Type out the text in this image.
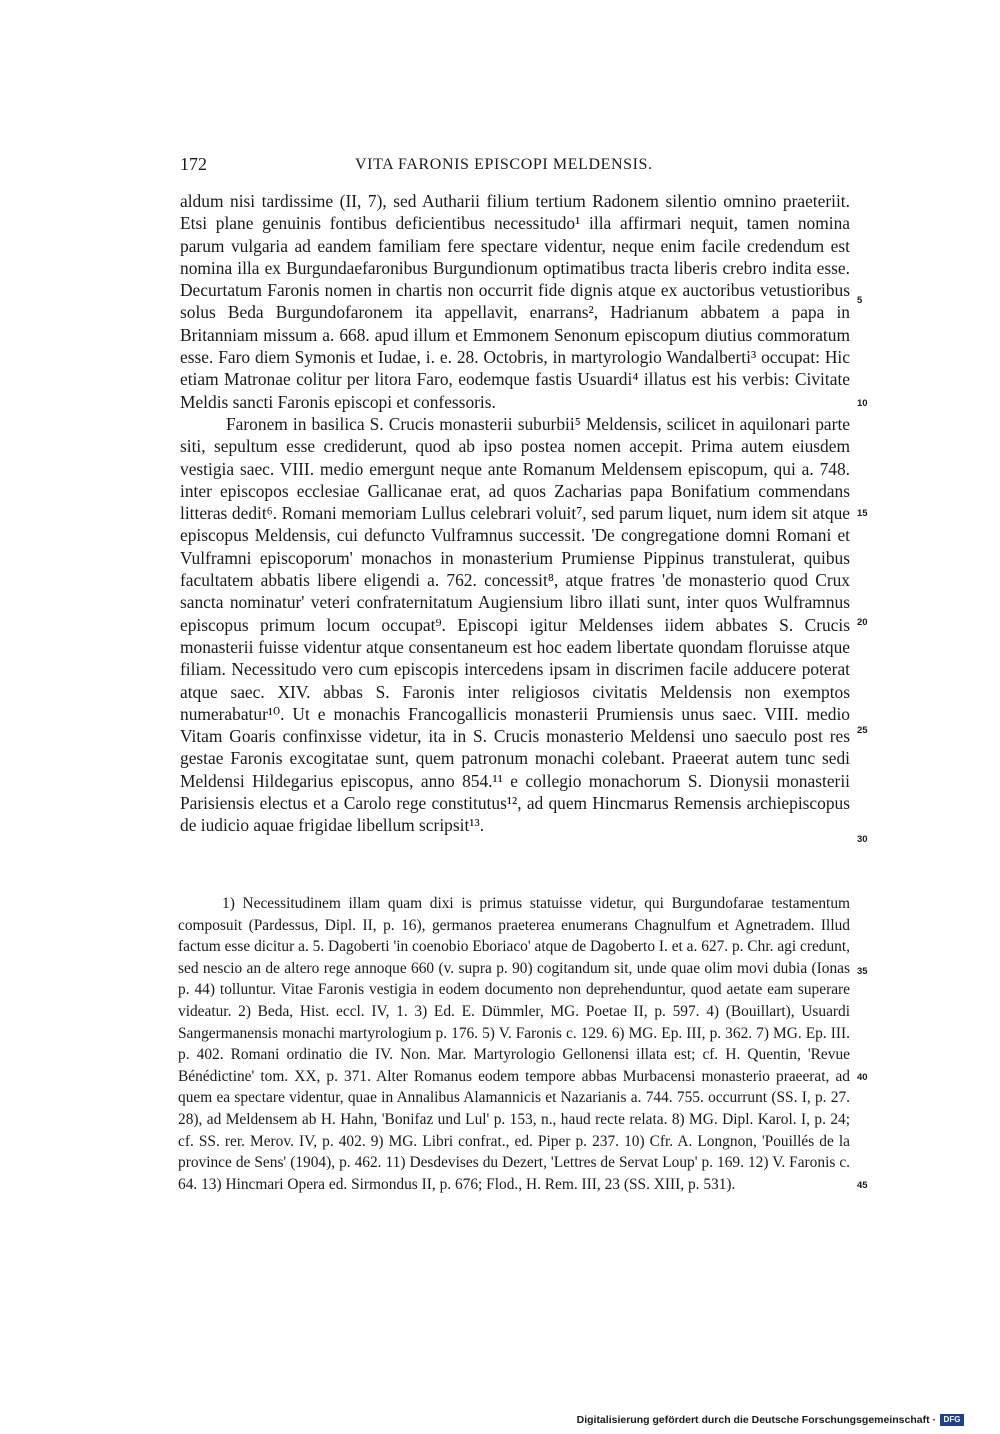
172	VITA FARONIS EPISCOPI MELDENSIS.

aldum nisi tardissime (II, 7), sed Autharii filium tertium Radonem silentio omnino praeteriit. Etsi plane genuinis fontibus deficientibus necessitudo¹ illa affirmari nequit, tamen nomina parum vulgaria ad eandem familiam fere spectare videntur, neque enim facile credendum est nomina illa ex Burgundaefaronibus Burgundionum optimatibus tracta liberis crebro indita esse. Decurtatum Faronis nomen in chartis non occurrit fide dignis atque ex auctoribus vetustioribus solus Beda Burgundofaronem ita appellavit, enarrans², Hadrianum abbatem a papa in Britanniam missum a. 668. apud illum et Emmonem Senonum episcopum diutius commoratum esse. Faro diem Symonis et Iudae, i. e. 28. Octobris, in martyrologio Wandalberti³ occupat: Hic etiam Matronae colitur per litora Faro, eodemque fastis Usuardi⁴ illatus est his verbis: Civitate Meldis sancti Faronis episcopi et confessoris.

Faronem in basilica S. Crucis monasterii suburbii⁵ Meldensis, scilicet in aquilonari parte siti, sepultum esse crediderunt, quod ab ipso postea nomen accepit. Prima autem eiusdem vestigia saec. VIII. medio emergunt neque ante Romanum Meldensem episcopum, qui a. 748. inter episcopos ecclesiae Gallicanae erat, ad quos Zacharias papa Bonifatium commendans litteras dedit⁶. Romani memoriam Lullus celebrari voluit⁷, sed parum liquet, num idem sit atque episcopus Meldensis, cui defuncto Vulframnus successit. 'De congregatione domni Romani et Vulframni episcoporum' monachos in monasterium Prumiense Pippinus transtulerat, quibus facultatem abbatis libere eligendi a. 762. concessit⁸, atque fratres 'de monasterio quod Crux sancta nominatur' veteri confraternitatum Augiensium libro illati sunt, inter quos Wulframnus episcopus primum locum occupat⁹. Episcopi igitur Meldenses iidem abbates S. Crucis monasterii fuisse videntur atque consentaneum est hoc eadem libertate quondam floruisse atque filiam. Necessitudo vero cum episcopis intercedens ipsam in discrimen facile adducere poterat atque saec. XIV. abbas S. Faronis inter religiosos civitatis Meldensis non exemptos numerabatur¹⁰. Ut e monachis Francogallicis monasterii Prumiensis unus saec. VIII. medio Vitam Goaris confinxisse videtur, ita in S. Crucis monasterio Meldensi uno saeculo post res gestae Faronis excogitatae sunt, quem patronum monachi colebant. Praeerat autem tunc sedi Meldensi Hildegarius episcopus, anno 854.¹¹ e collegio monachorum S. Dionysii monasterii Parisiensis electus et a Carolo rege constitutus¹², ad quem Hincmarus Remensis archiepiscopus de iudicio aquae frigidae libellum scripsit¹³.

5
10
15
20
25
30

1) Necessitudinem illam quam dixi is primus statuisse videtur, qui Burgundofarae testamentum composuit (Pardessus, Dipl. II, p. 16), germanos praeterea enumerans Chagnulfum et Agnetradem. Illud factum esse dicitur a. 5. Dagoberti 'in coenobio Eboriaco' atque de Dagoberto I. et a. 627. p. Chr. agi credunt, sed nescio an de altero rege annoque 660 (v. supra p. 90) cogitandum sit, unde quae olim movi dubia (Ionas p. 44) tolluntur. Vitae Faronis vestigia in eodem documento non deprehenduntur, quod aetate eam superare videatur. 2) Beda, Hist. eccl. IV, 1. 3) Ed. E. Dümmler, MG. Poetae II, p. 597. 4) (Bouillart), Usuardi Sangermanensis monachi martyrologium p. 176. 5) V. Faronis c. 129. 6) MG. Ep. III, p. 362. 7) MG. Ep. III. p. 402. Romani ordinatio die IV. Non. Mar. Martyrologio Gellonensi illata est; cf. H. Quentin, 'Revue Bénédictine' tom. XX, p. 371. Alter Romanus eodem tempore abbas Murbacensi monasterio praeerat, ad quem ea spectare videntur, quae in Annalibus Alamannicis et Nazarianis a. 744. 755. occurrunt (SS. I, p. 27. 28), ad Meldensem ab H. Hahn, 'Bonifaz und Lul' p. 153, n., haud recte relata. 8) MG. Dipl. Karol. I, p. 24; cf. SS. rer. Merov. IV, p. 402. 9) MG. Libri confrat., ed. Piper p. 237. 10) Cfr. A. Longnon, 'Pouillés de la province de Sens' (1904), p. 462. 11) Desdevises du Dezert, 'Lettres de Servat Loup' p. 169. 12) V. Faronis c. 64. 13) Hincmari Opera ed. Sirmondus II, p. 676; Flod., H. Rem. III, 23 (SS. XIII, p. 531).

35
40
45
Digitalisierung gefördert durch die Deutsche Forschungsgemeinschaft · DFG
